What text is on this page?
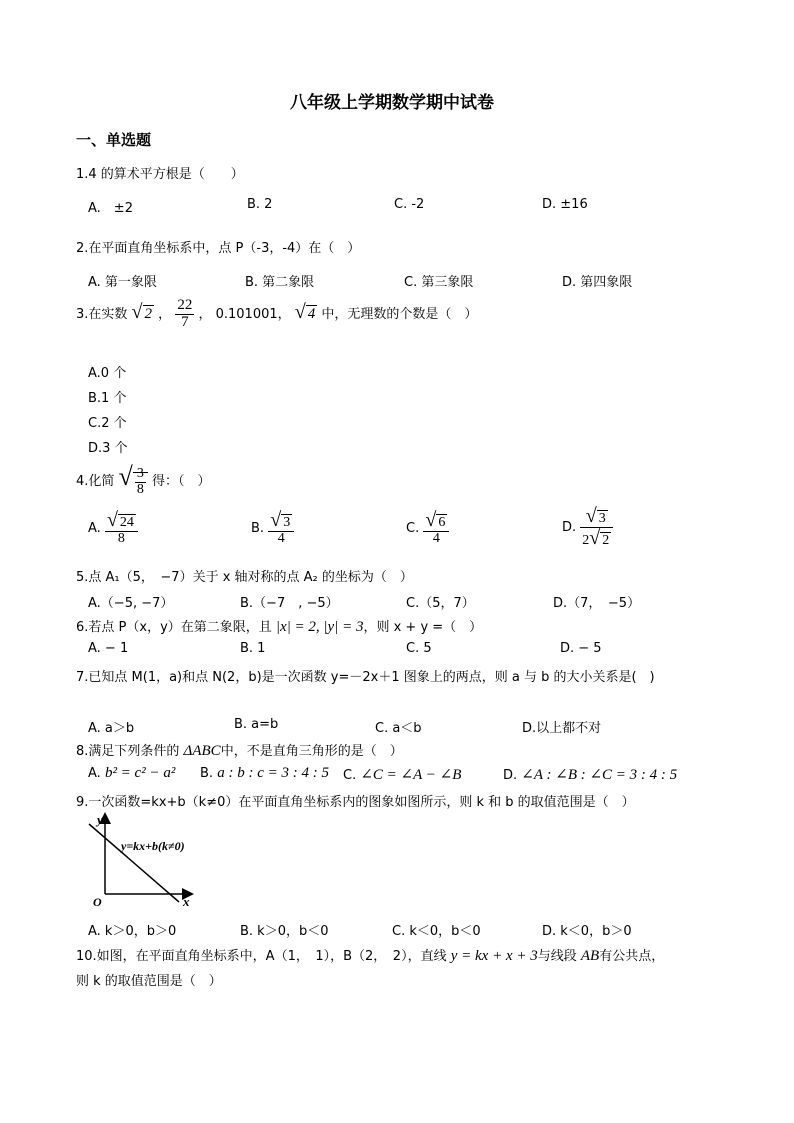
八年级上学期数学期中试卷
一、单选题
1.4 的算术平方根是（　　）
A.　±2	B. 2	C. -2	D. ±16
2.在平面直角坐标系中，点 P（-3，-4）在（　）
A. 第一象限	B. 第二象限	C. 第三象限	D. 第四象限
3.在实数 √ 2 ， $\frac{22}{7}$ ， 0.101001， √ 4 中，无理数的个数是（　）
A.0 个
B.1 个
C.2 个
D.3 个
4.化简 √ $\frac{3}{8}$ 得：（　）
A. $\frac{√ 24}{8}$	B. $\frac{√ 3}{4}$	C. $\frac{√ 6}{4}$	D. $\frac{√ 3}{2√ 2}$
5.点 A₁（5，　−7）关于 x 轴对称的点 A₂ 的坐标为（　）
A.（−5, −7）	B.（−7　, −5）	C.（5，7）	D.（7，　−5）
6.若点 P（x，y）在第二象限，且 |x| = 2, |y| = 3，则 x + y =（　）
A. − 1	B. 1	C. 5	D. − 5
7.已知点 M(1，a)和点 N(2，b)是一次函数 y=－2x＋1 图象上的两点，则 a 与 b 的大小关系是(　)
A. a＞b	B. a=b	C. a＜b	D.以上都不对
8.满足下列条件的 ΔABC中，不是直角三角形的是（　）
A. b² = c² − a² B. a : b : c = 3 : 4 : 5 C. ∠C = ∠A − ∠B	D. ∠A : ∠B : ∠C = 3 : 4 : 5
9.一次函数=kx+b（k≠0）在平面直角坐标系内的图象如图所示，则 k 和 b 的取值范围是（　）
y
x
O
y=kx+b(k≠0)
A. k＞0，b＞0	B. k＞0，b＜0	C. k＜0，b＜0	D. k＜0，b＞0
10.如图，在平面直角坐标系中，A（1，　1），B（2，　2），直线 y = kx + x + 3与线段 AB有公共点，
则 k 的取值范围是（　）
